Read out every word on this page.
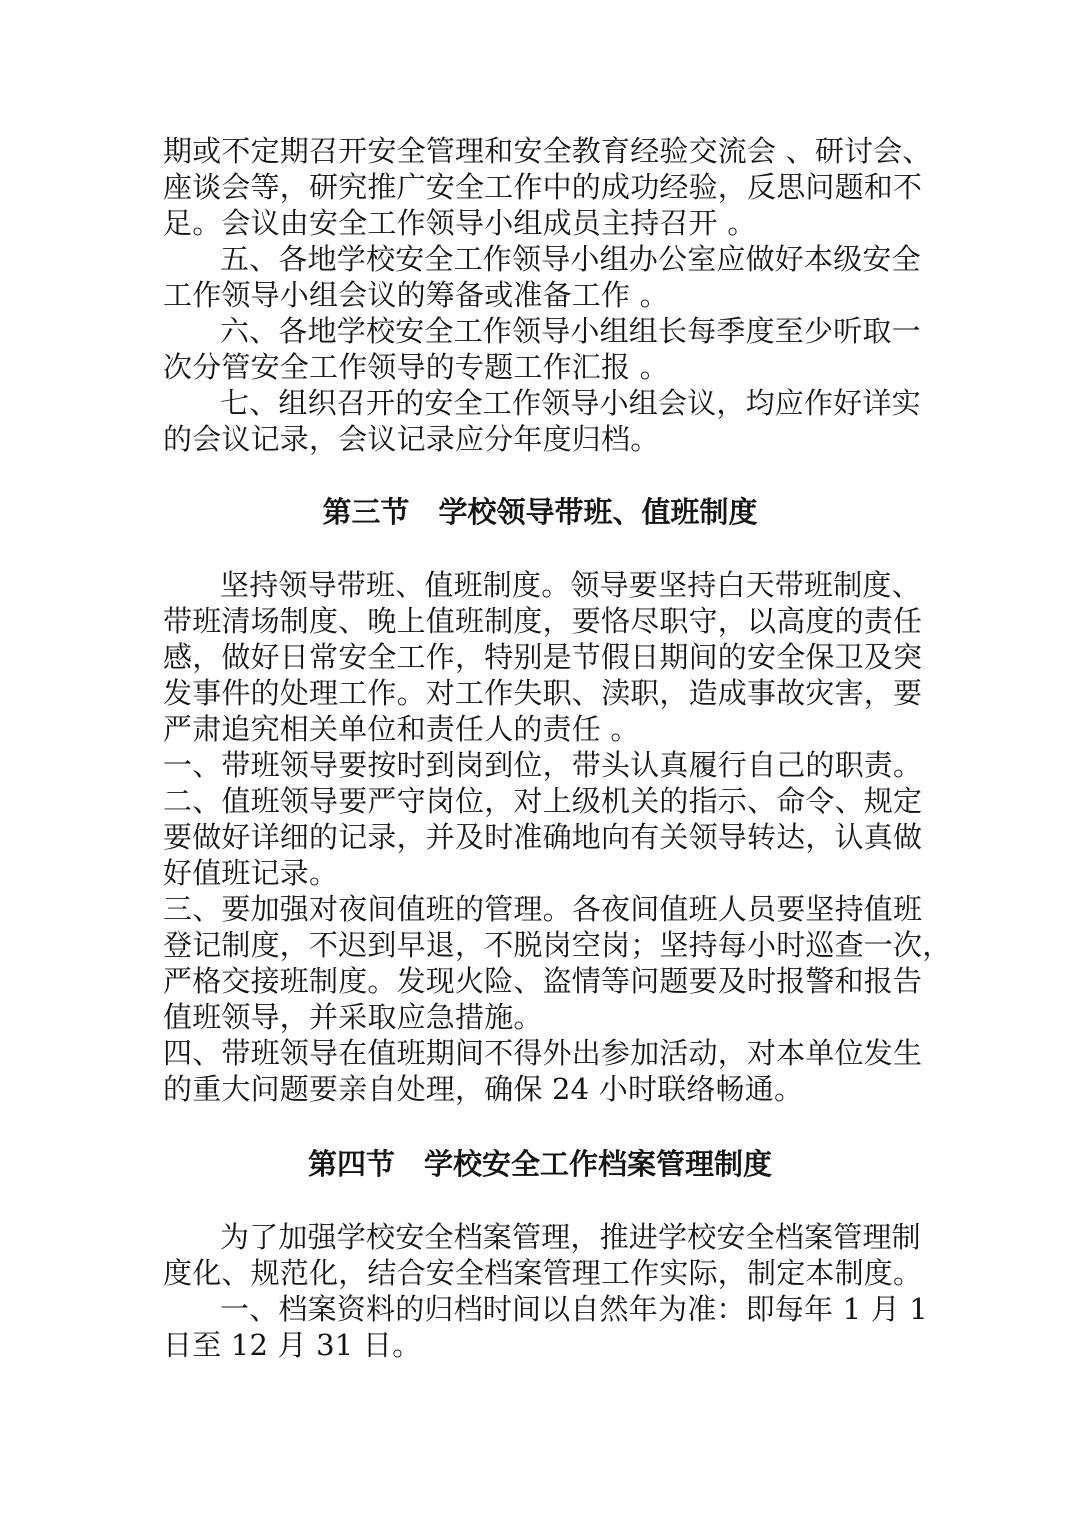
期或不定期召开安全管理和安全教育经验交流会 、研讨会、
座谈会等，研究推广安全工作中的成功经验，反思问题和不
足。会议由安全工作领导小组成员主持召开 。
五、各地学校安全工作领导小组办公室应做好本级安全
工作领导小组会议的筹备或准备工作 。
六、各地学校安全工作领导小组组长每季度至少听取一
次分管安全工作领导的专题工作汇报 。
七、组织召开的安全工作领导小组会议，均应作好详实
的会议记录，会议记录应分年度归档。
第三节　学校领导带班、值班制度
坚持领导带班、值班制度。领导要坚持白天带班制度、
带班清场制度、晚上值班制度，要恪尽职守，以高度的责任
感，做好日常安全工作，特别是节假日期间的安全保卫及突
发事件的处理工作。对工作失职、渎职，造成事故灾害，要
严肃追究相关单位和责任人的责任 。
一、带班领导要按时到岗到位，带头认真履行自己的职责。
二、值班领导要严守岗位，对上级机关的指示、命令、规定
要做好详细的记录，并及时准确地向有关领导转达，认真做
好值班记录。
三、要加强对夜间值班的管理。各夜间值班人员要坚持值班
登记制度，不迟到早退，不脱岗空岗；坚持每小时巡查一次，
严格交接班制度。发现火险、盗情等问题要及时报警和报告
值班领导，并采取应急措施。
四、带班领导在值班期间不得外出参加活动，对本单位发生
的重大问题要亲自处理，确保 24 小时联络畅通。
第四节　学校安全工作档案管理制度
为了加强学校安全档案管理，推进学校安全档案管理制
度化、规范化，结合安全档案管理工作实际，制定本制度。
一、档案资料的归档时间以自然年为准：即每年 1 月 1
日至 12 月 31 日。
